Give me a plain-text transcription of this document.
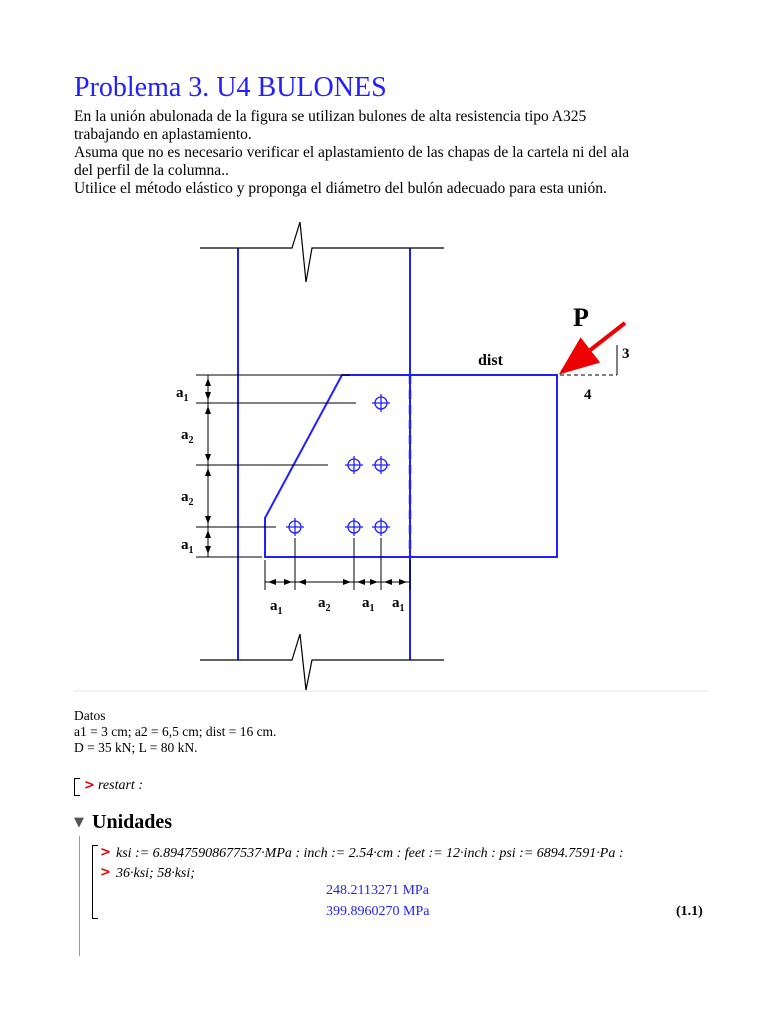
Problema 3. U4 BULONES
En la unión abulonada de la figura se utilizan bulones de alta resistencia tipo A325
trabajando en aplastamiento.
Asuma que no es necesario verificar el aplastamiento de las chapas de la cartela ni del ala
del perfil de la columna..
Utilice el método elástico y proponga el diámetro del bulón adecuado para esta unión.
$a_1$
$a_2$
$a_2$
$a_1$
$a_1$
$a_2$ $a_1$ $a_1$
dist
P
3
4
Datos
a1 = 3 cm; a2 = 6,5 cm; dist = 16 cm.
D = 35 kN; L = 80 kN.
> restart :
▼ Unidades
> ksi := 6.89475908677537·MPa : inch := 2.54·cm : feet := 12·inch : psi := 6894.7591·Pa :
> 36·ksi; 58·ksi;
248.2113271 MPa
399.8960270 MPa	(1.1)
